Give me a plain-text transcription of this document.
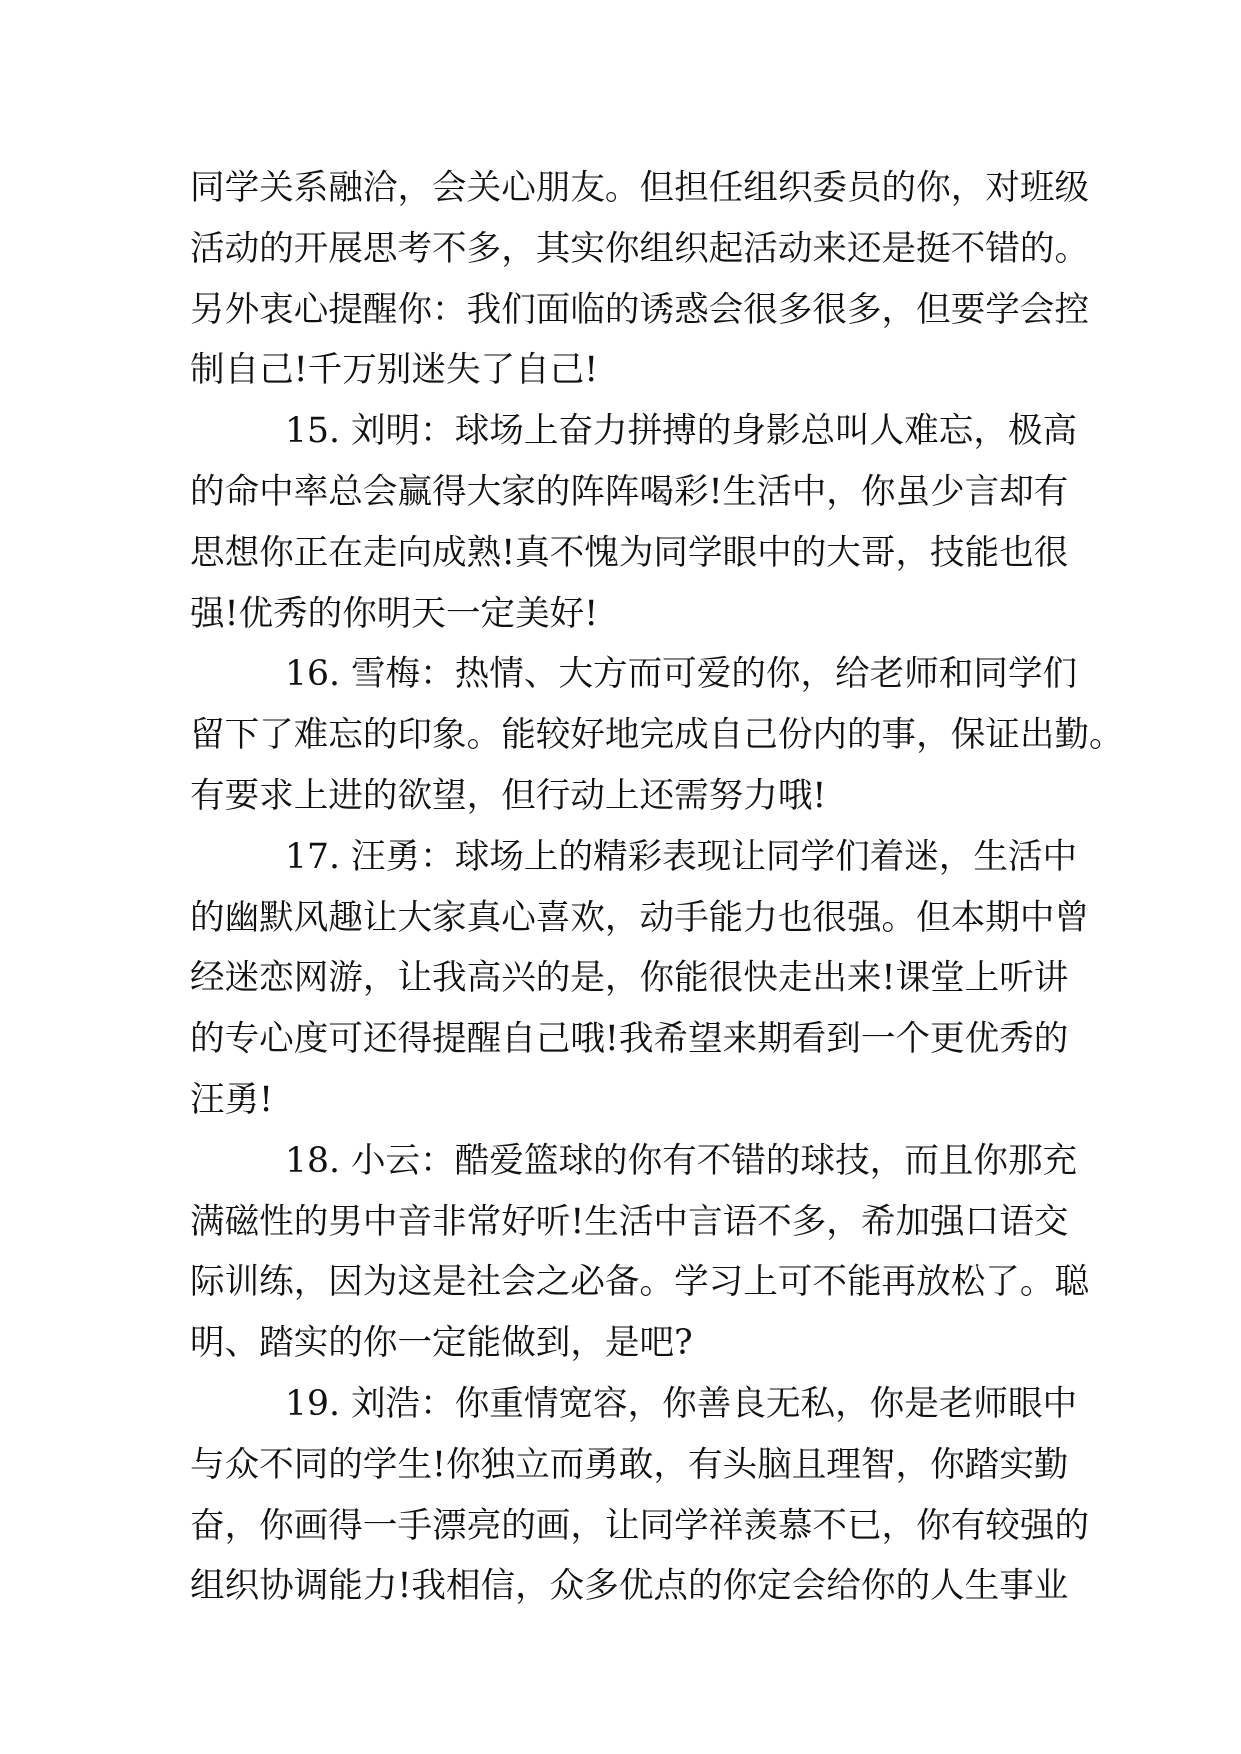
同学关系融洽，会关心朋友。但担任组织委员的你，对班级
活动的开展思考不多，其实你组织起活动来还是挺不错的。
另外衷心提醒你：我们面临的诱惑会很多很多，但要学会控
制自己!千万别迷失了自己!
15. 刘明：球场上奋力拼搏的身影总叫人难忘，极高
的命中率总会赢得大家的阵阵喝彩!生活中，你虽少言却有
思想你正在走向成熟!真不愧为同学眼中的大哥，技能也很
强!优秀的你明天一定美好!
16. 雪梅：热情、大方而可爱的你，给老师和同学们
留下了难忘的印象。能较好地完成自己份内的事，保证出勤。
有要求上进的欲望，但行动上还需努力哦!
17. 汪勇：球场上的精彩表现让同学们着迷，生活中
的幽默风趣让大家真心喜欢，动手能力也很强。但本期中曾
经迷恋网游，让我高兴的是，你能很快走出来!课堂上听讲
的专心度可还得提醒自己哦!我希望来期看到一个更优秀的
汪勇!
18. 小云：酷爱篮球的你有不错的球技，而且你那充
满磁性的男中音非常好听!生活中言语不多，希加强口语交
际训练，因为这是社会之必备。学习上可不能再放松了。聪
明、踏实的你一定能做到，是吧?
19. 刘浩：你重情宽容，你善良无私，你是老师眼中
与众不同的学生!你独立而勇敢，有头脑且理智，你踏实勤
奋，你画得一手漂亮的画，让同学祥羡慕不已，你有较强的
组织协调能力!我相信，众多优点的你定会给你的人生事业
